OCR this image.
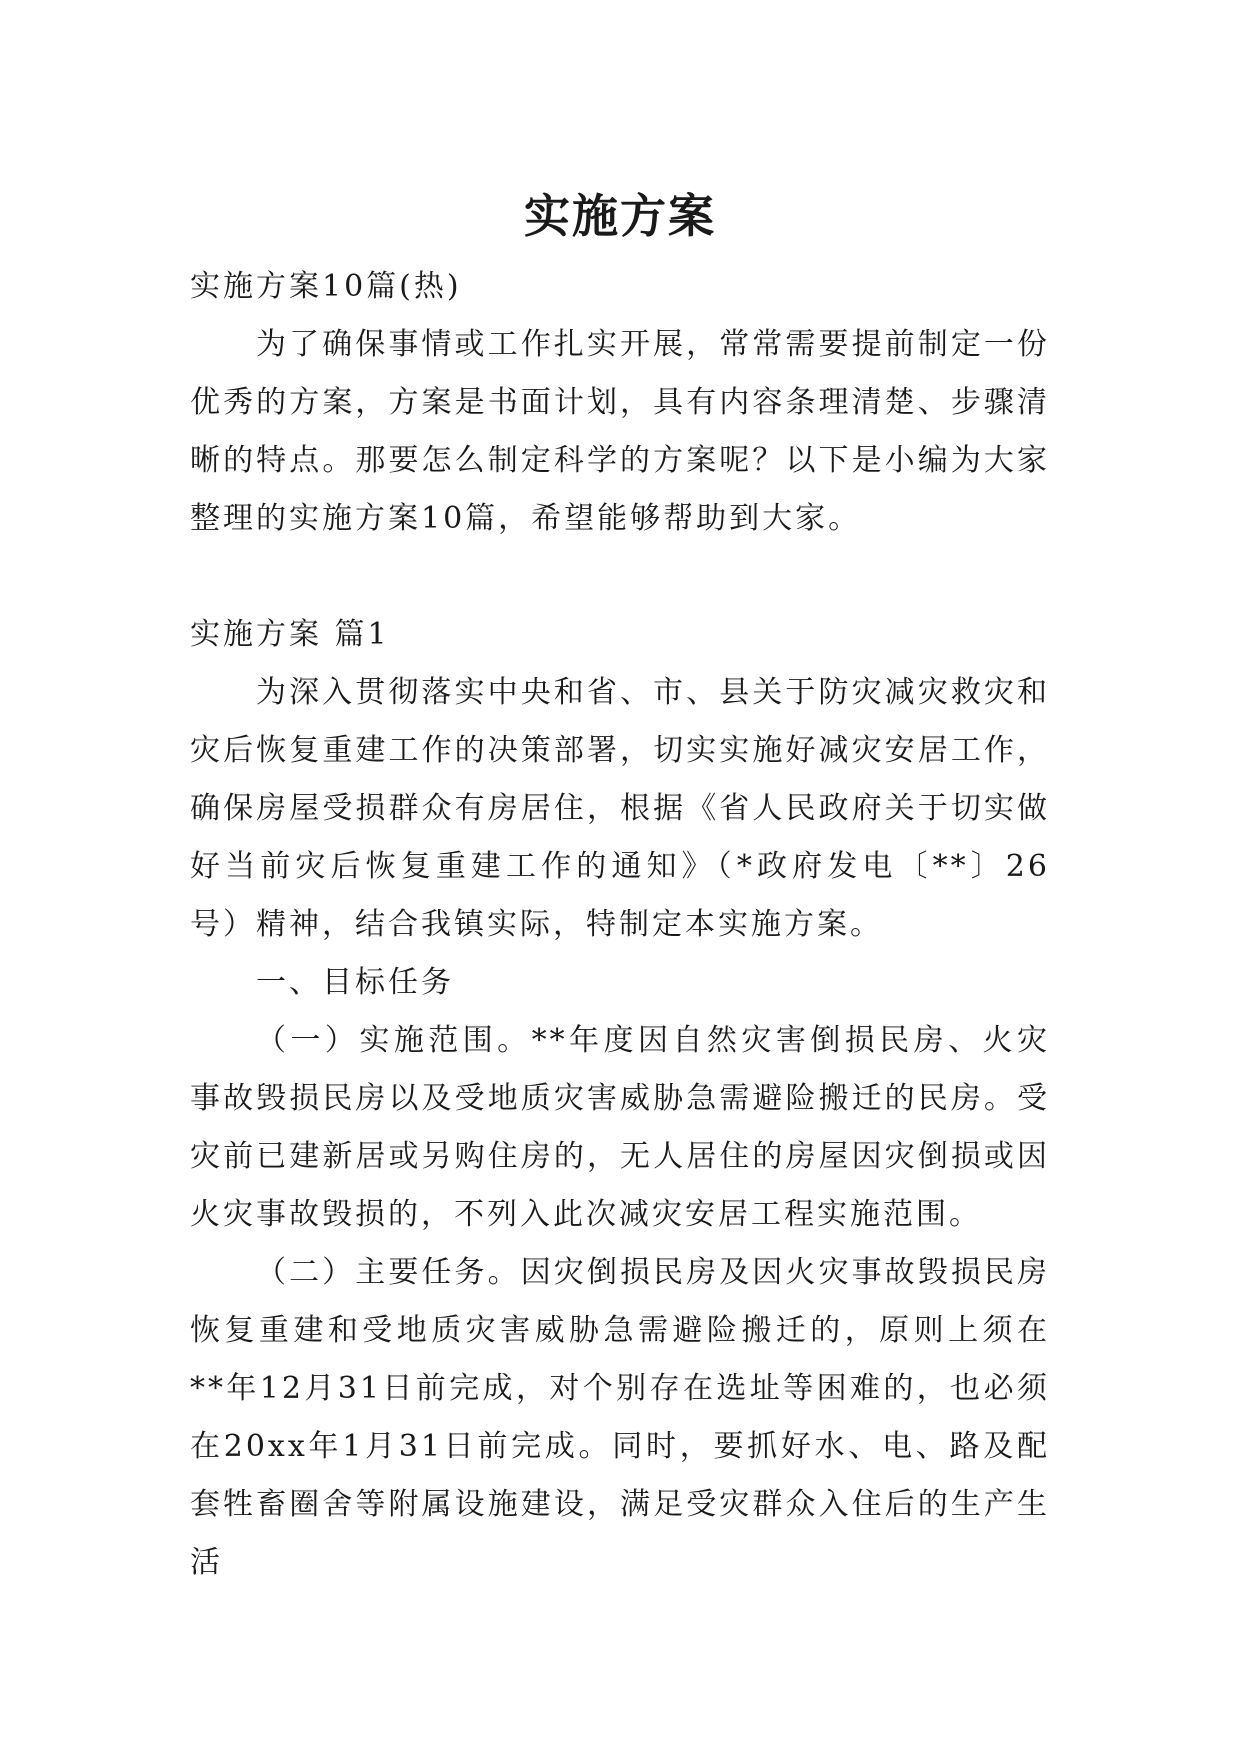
实施方案

实施方案10篇(热)

为了确保事情或工作扎实开展，常常需要提前制定一份优秀的方案，方案是书面计划，具有内容条理清楚、步骤清晰的特点。那要怎么制定科学的方案呢？以下是小编为大家整理的实施方案10篇，希望能够帮助到大家。

实施方案 篇1

为深入贯彻落实中央和省、市、县关于防灾减灾救灾和灾后恢复重建工作的决策部署，切实实施好减灾安居工作，确保房屋受损群众有房居住，根据《省人民政府关于切实做好当前灾后恢复重建工作的通知》（*政府发电〔**〕26号）精神，结合我镇实际，特制定本实施方案。

一、目标任务

（一）实施范围。**年度因自然灾害倒损民房、火灾事故毁损民房以及受地质灾害威胁急需避险搬迁的民房。受灾前已建新居或另购住房的，无人居住的房屋因灾倒损或因火灾事故毁损的，不列入此次减灾安居工程实施范围。

（二）主要任务。因灾倒损民房及因火灾事故毁损民房恢复重建和受地质灾害威胁急需避险搬迁的，原则上须在**年12月31日前完成，对个别存在选址等困难的，也必须在20xx年1月31日前完成。同时，要抓好水、电、路及配套牲畜圈舍等附属设施建设，满足受灾群众入住后的生产生活
